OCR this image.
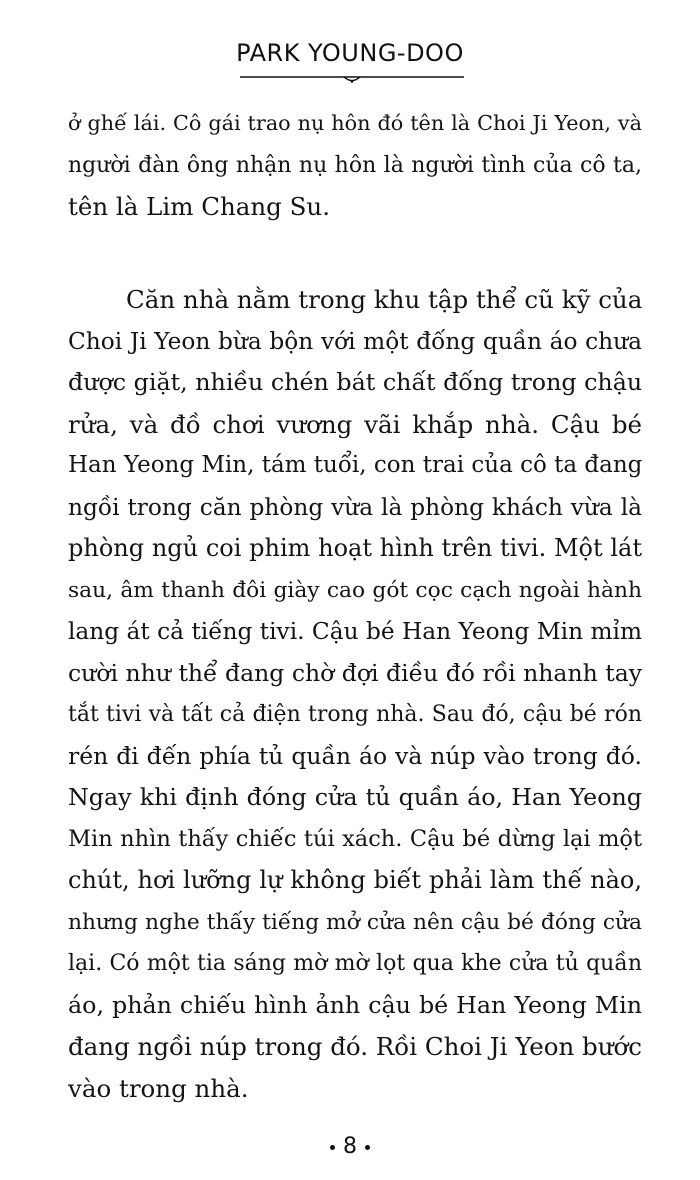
PARK YOUNG-DOO
ở ghế lái. Cô gái trao nụ hôn đó tên là Choi Ji Yeon, và
người đàn ông nhận nụ hôn là người tình của cô ta,
tên là Lim Chang Su.
Căn nhà nằm trong khu tập thể cũ kỹ của
Choi Ji Yeon bừa bộn với một đống quần áo chưa
được giặt, nhiều chén bát chất đống trong chậu
rửa, và đồ chơi vương vãi khắp nhà. Cậu bé
Han Yeong Min, tám tuổi, con trai của cô ta đang
ngồi trong căn phòng vừa là phòng khách vừa là
phòng ngủ coi phim hoạt hình trên tivi. Một lát
sau, âm thanh đôi giày cao gót cọc cạch ngoài hành
lang át cả tiếng tivi. Cậu bé Han Yeong Min mỉm
cười như thể đang chờ đợi điều đó rồi nhanh tay
tắt tivi và tất cả điện trong nhà. Sau đó, cậu bé rón
rén đi đến phía tủ quần áo và núp vào trong đó.
Ngay khi định đóng cửa tủ quần áo, Han Yeong
Min nhìn thấy chiếc túi xách. Cậu bé dừng lại một
chút, hơi lưỡng lự không biết phải làm thế nào,
nhưng nghe thấy tiếng mở cửa nên cậu bé đóng cửa
lại. Có một tia sáng mờ mờ lọt qua khe cửa tủ quần
áo, phản chiếu hình ảnh cậu bé Han Yeong Min
đang ngồi núp trong đó. Rồi Choi Ji Yeon bước
vào trong nhà.
8
